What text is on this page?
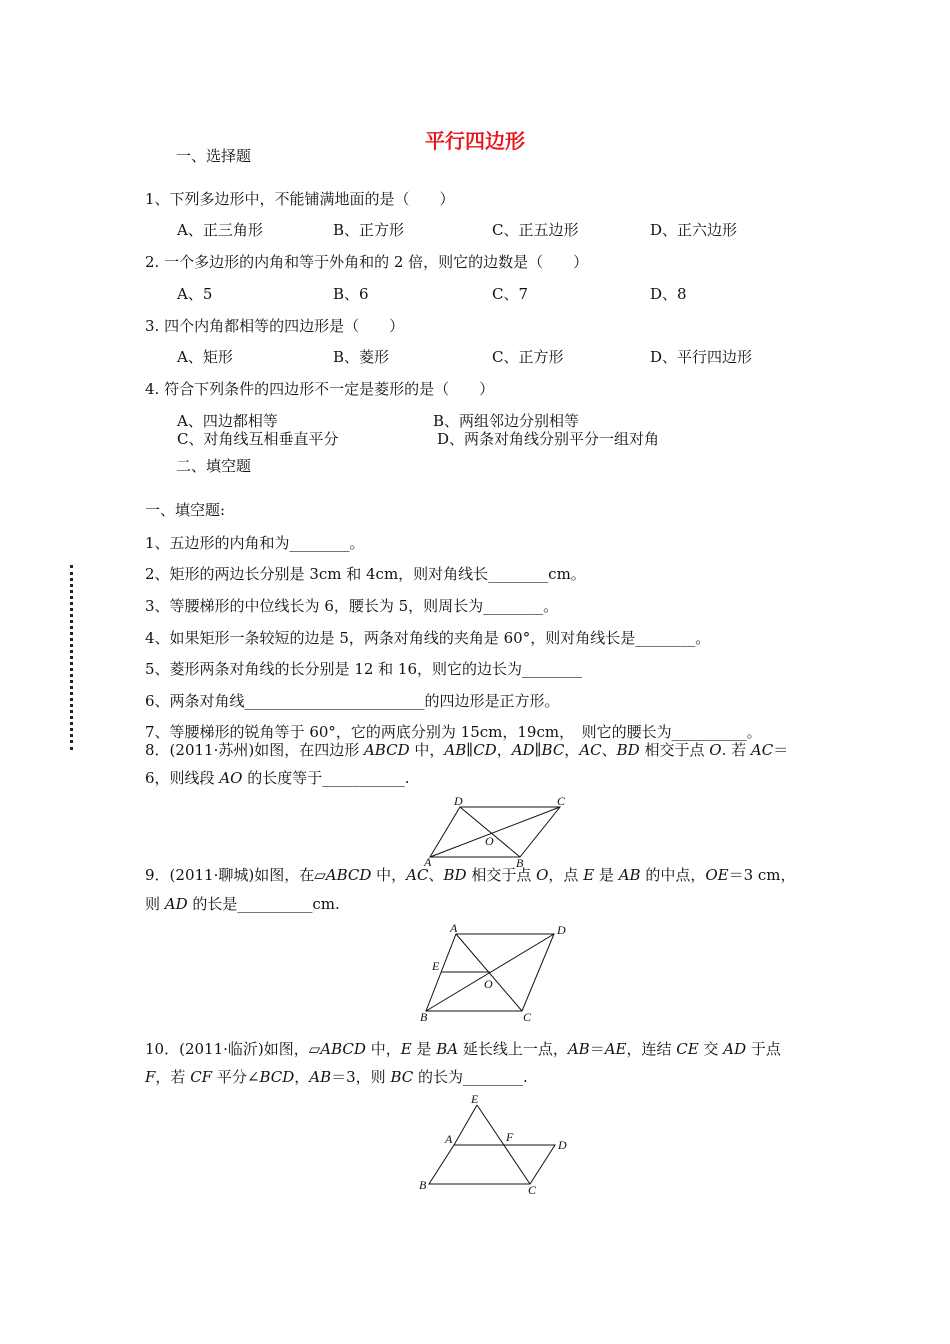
平行四边形
一、选择题
1、下列多边形中，不能铺满地面的是（　　）
A、正三角形	B、正方形	C、正五边形	D、正六边形
2. 一个多边形的内角和等于外角和的 2 倍，则它的边数是（　　）
A、5	B、6	C、7	D、8
3. 四个内角都相等的四边形是（　　）
A、矩形	B、菱形	C、正方形	D、平行四边形
4. 符合下列条件的四边形不一定是菱形的是（　　）
A、四边都相等	B、两组邻边分别相等
C、对角线互相垂直平分	D、两条对角线分别平分一组对角
二、填空题
一、填空题:
1、五边形的内角和为________。
2、矩形的两边长分别是 3cm 和 4cm，则对角线长________cm。
3、等腰梯形的中位线长为 6，腰长为 5，则周长为________。
4、如果矩形一条较短的边是 5，两条对角线的夹角是 60°，则对角线长是________。
5、菱形两条对角线的长分别是 12 和 16，则它的边长为________
6、两条对角线________________________的四边形是正方形。
7、等腰梯形的锐角等于 60°，它的两底分别为 15cm，19cm，　则它的腰长为__________。
8．(2011·苏州)如图，在四边形 ABCD 中，AB∥CD，AD∥BC，AC、BD 相交于点 O. 若 AC＝
6，则线段 AO 的长度等于___________.
A	B
C
D
O
9．(2011·聊城)如图，在▱ABCD 中，AC、BD 相交于点 O，点 E 是 AB 的中点，OE＝3 cm，
则 AD 的长是__________cm.
A
B	C
D
E
O
10．(2011·临沂)如图，▱ABCD 中，E 是 BA 延长线上一点，AB＝AE，连结 CE 交 AD 于点
F，若 CF 平分∠BCD，AB＝3，则 BC 的长为________.
E
A	F
D
B	C
